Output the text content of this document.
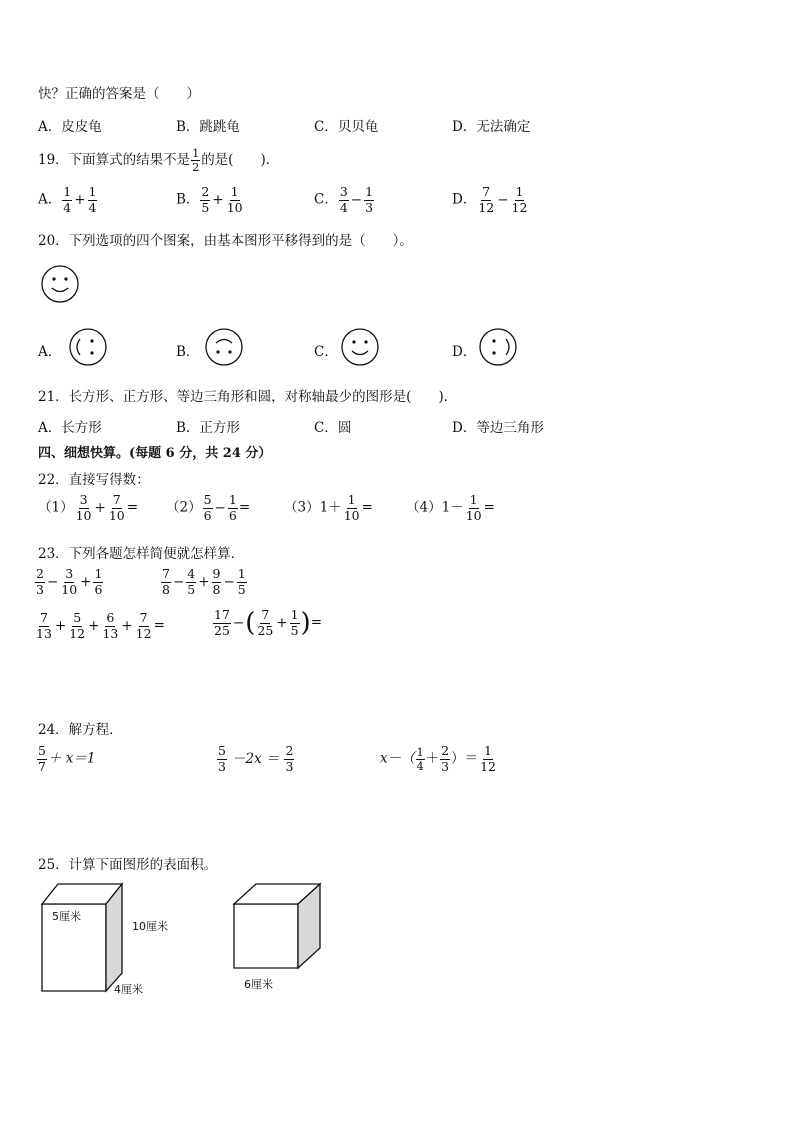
快？正确的答案是（　　）
A．皮皮龟	B．跳跳龟	C．贝贝龟	D．无法确定
19．下面算式的结果不是 $\frac{1}{2}$ 的是(　　)．
A． $\frac{1}{4} + \frac{1}{4}$	B． $\frac{2}{5} + \frac{1}{10}$	C． $\frac{3}{4} - \frac{1}{3}$	D． $\frac{7}{12} - \frac{1}{12}$
20．下列选项的四个图案，由基本图形平移得到的是（　　）。
A．	B．	C．	D．
21．长方形、正方形、等边三角形和圆，对称轴最少的图形是(　　)．
A．长方形	B．正方形	C．圆	D．等边三角形
四、细想快算。(每题 6 分，共 24 分）
22．直接写得数：
$(1) \frac{3}{10} + \frac{7}{10} = (2) \frac{5}{6} - \frac{1}{6}$ =	$(3)1+ \frac{1}{10} = (4)1- \frac{1}{10}$ =
23．下列各题怎样简便就怎样算．
$\frac{2}{3} - \frac{3}{10} + \frac{1}{6}$	$\frac{7}{8} - \frac{4}{5} + \frac{9}{8} - \frac{1}{5}$
$\frac{7}{13} + \frac{5}{12} + \frac{6}{13} + \frac{7}{12}$ =	$\frac{17}{25}$ −( $\frac{7}{25} + \frac{1}{5}$ )=
24．解方程．
$\frac{5}{7} + x=1$	$\frac{5}{3} -2x = \frac{2}{3}$	$x-( \frac{1}{4} + \frac{2}{3}$ ）＝ $\frac{1}{12}$
25．计算下面图形的表面积。
5厘米
10厘米
4厘米	6厘米
